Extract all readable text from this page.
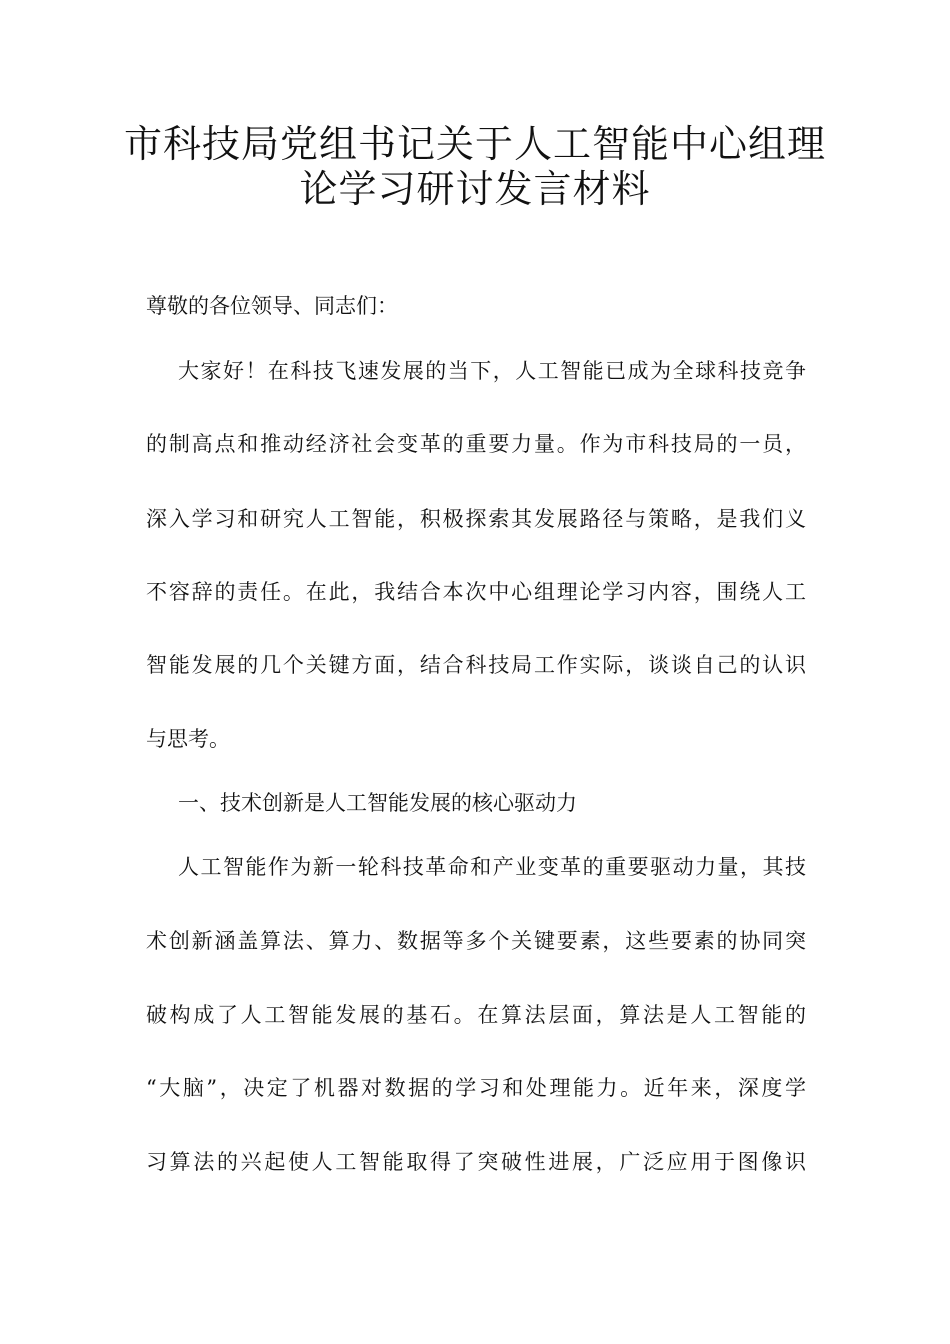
市科技局党组书记关于人工智能中心组理
论学习研讨发言材料

尊敬的各位领导、同志们：

大家好！在科技飞速发展的当下，人工智能已成为全球科技竞争

的制高点和推动经济社会变革的重要力量。作为市科技局的一员，

深入学习和研究人工智能，积极探索其发展路径与策略，是我们义

不容辞的责任。在此，我结合本次中心组理论学习内容，围绕人工

智能发展的几个关键方面，结合科技局工作实际，谈谈自己的认识

与思考。

一、技术创新是人工智能发展的核心驱动力

人工智能作为新一轮科技革命和产业变革的重要驱动力量，其技

术创新涵盖算法、算力、数据等多个关键要素，这些要素的协同突

破构成了人工智能发展的基石。在算法层面，算法是人工智能的

“大脑”，决定了机器对数据的学习和处理能力。近年来，深度学

习算法的兴起使人工智能取得了突破性进展，广泛应用于图像识
